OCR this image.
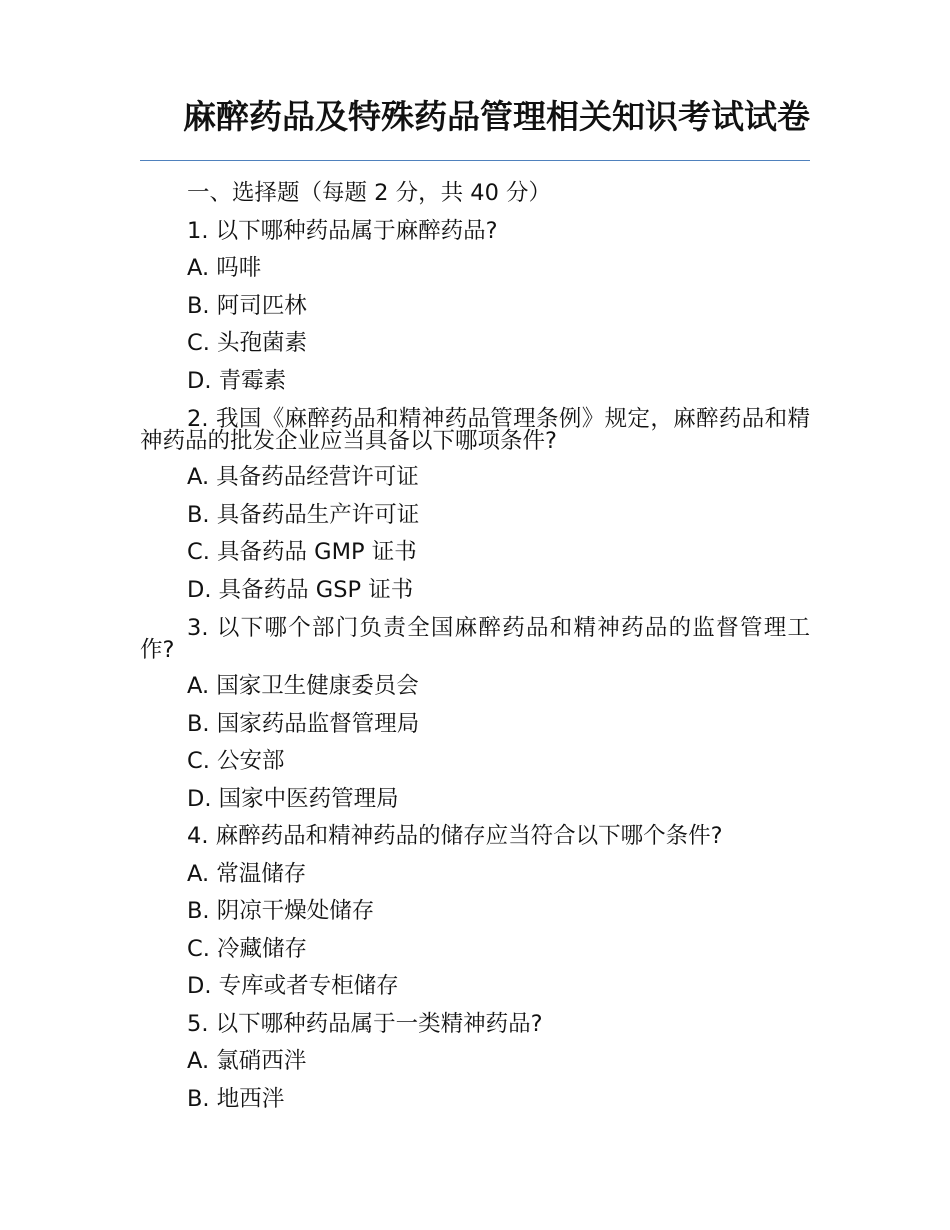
麻醉药品及特殊药品管理相关知识考试试卷
一、选择题（每题 2 分，共 40 分）
1. 以下哪种药品属于麻醉药品?
A. 吗啡
B. 阿司匹林
C. 头孢菌素
D. 青霉素
2. 我国《麻醉药品和精神药品管理条例》规定，麻醉药品和精神药品的批发企业应当具备以下哪项条件?
A. 具备药品经营许可证
B. 具备药品生产许可证
C. 具备药品 GMP 证书
D. 具备药品 GSP 证书
3. 以下哪个部门负责全国麻醉药品和精神药品的监督管理工作?
A. 国家卫生健康委员会
B. 国家药品监督管理局
C. 公安部
D. 国家中医药管理局
4. 麻醉药品和精神药品的储存应当符合以下哪个条件?
A. 常温储存
B. 阴凉干燥处储存
C. 冷藏储存
D. 专库或者专柜储存
5. 以下哪种药品属于一类精神药品?
A. 氯硝西泮
B. 地西泮
